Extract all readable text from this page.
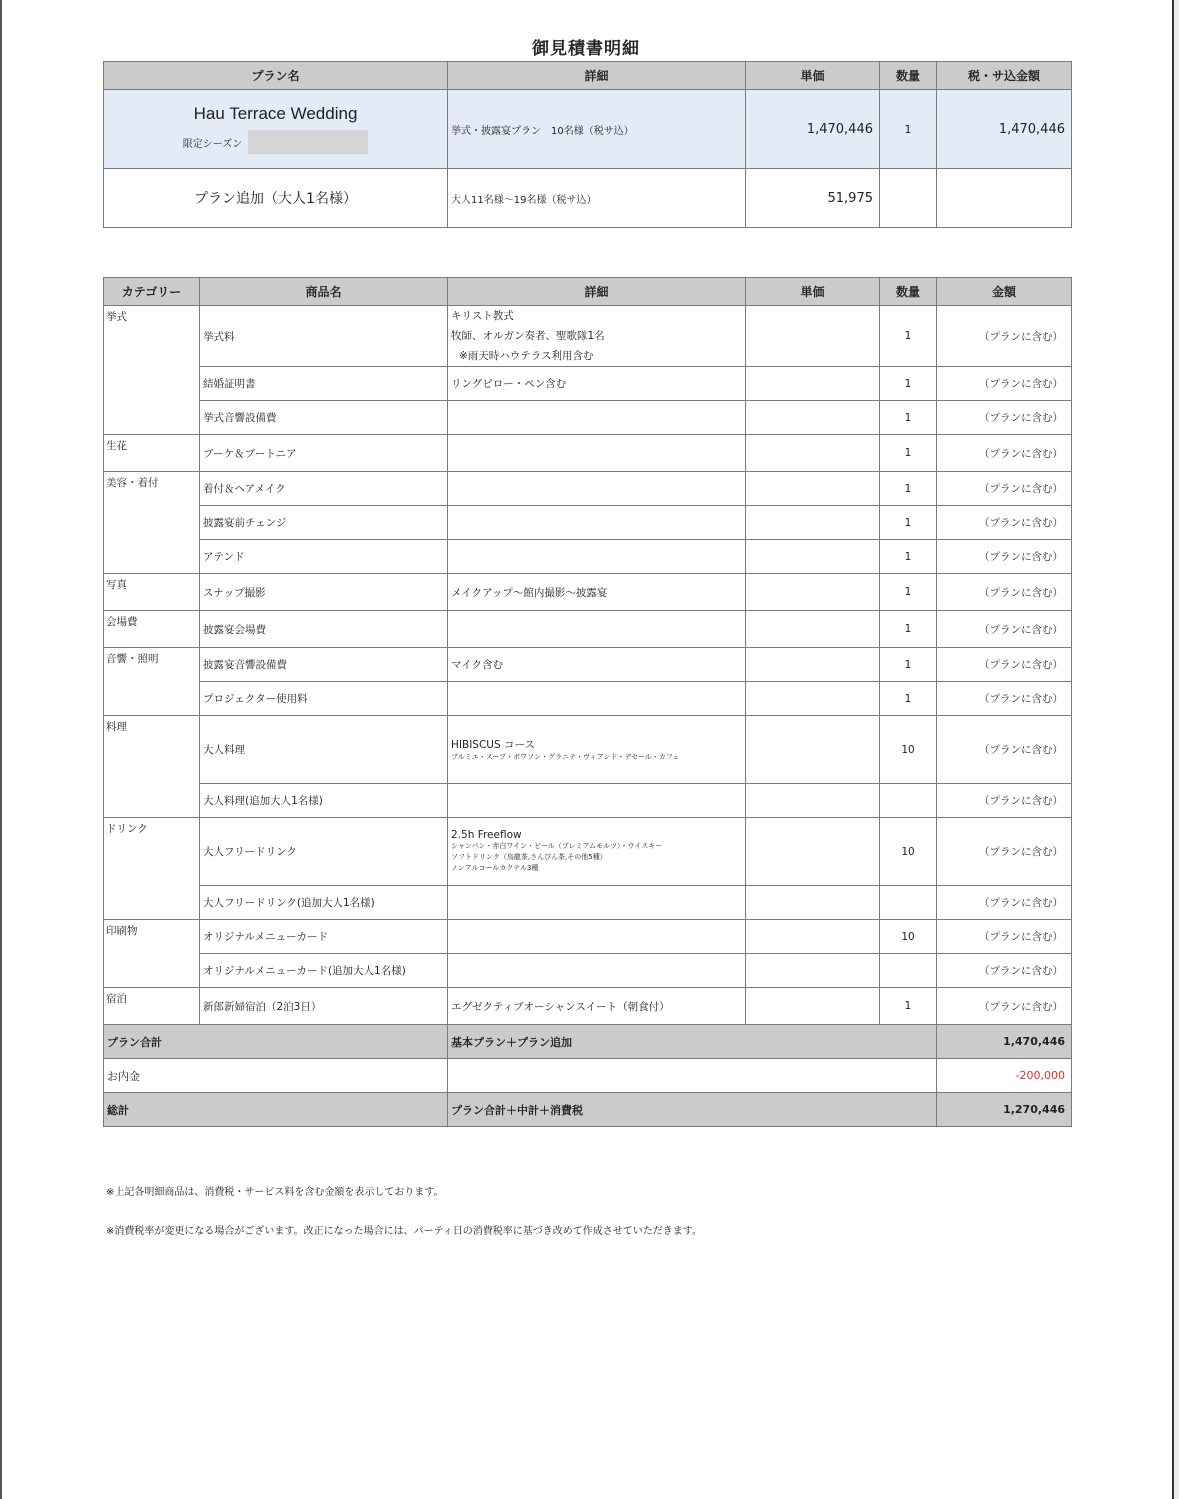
御見積書明細
プラン名	詳細	単価	数量	税・サ込金額

Hau Terrace Wedding
限定シーズン	挙式・披露宴プラン　10名様（税サ込）	1,470,446	1	1,470,446
プラン追加（大人1名様）	大人11名様～19名様（税サ込）	51,975		
カテゴリー	商品名	詳細	単価	数量	金額
挙式	挙式料	キリスト教式
牧師、オルガン奏者、聖歌隊1名
※雨天時ハウテラス利用含む		1	（プランに含む）
	結婚証明書	リングピロー・ペン含む		1	（プランに含む）
	挙式音響設備費			1	（プランに含む）
生花	ブーケ＆ブートニア			1	（プランに含む）
美容・着付	着付＆ヘアメイク			1	（プランに含む）
	披露宴前チェンジ			1	（プランに含む）
	アテンド			1	（プランに含む）
写真	スナップ撮影	メイクアップ～館内撮影～披露宴		1	（プランに含む）
会場費	披露宴会場費			1	（プランに含む）
音響・照明	披露宴音響設備費	マイク含む		1	（プランに含む）
	プロジェクター使用料			1	（プランに含む）
料理	大人料理	HIBISCUS コース
プルミエ・スープ・ポワソン・グラニテ・ヴィアンド・デセール・カフェ		10	（プランに含む）
	大人料理(追加大人1名様)				（プランに含む）
ドリンク	大人フリードリンク	2.5h Freeflow
シャンパン・赤白ワイン・ビール（プレミアムモルツ）・ウイスキー
ソフトドリンク（烏龍茶,さんぴん茶,その他5種）
ノンアルコールカクテル3種		10	（プランに含む）
	大人フリードリンク(追加大人1名様)				（プランに含む）
印刷物	オリジナルメニューカード			10	（プランに含む）
	オリジナルメニューカード(追加大人1名様)				（プランに含む）
宿泊	新郎新婦宿泊（2泊3日）	エグゼクティブオーシャンスイート（朝食付）		1	（プランに含む）
プラン合計		基本プラン＋プラン追加			1,470,446
お内金					-200,000
総計		プラン合計＋中計＋消費税			1,270,446
※上記各明細商品は、消費税・サービス料を含む金額を表示しております。
※消費税率が変更になる場合がございます。改正になった場合には、パーティ日の消費税率に基づき改めて作成させていただきます。
